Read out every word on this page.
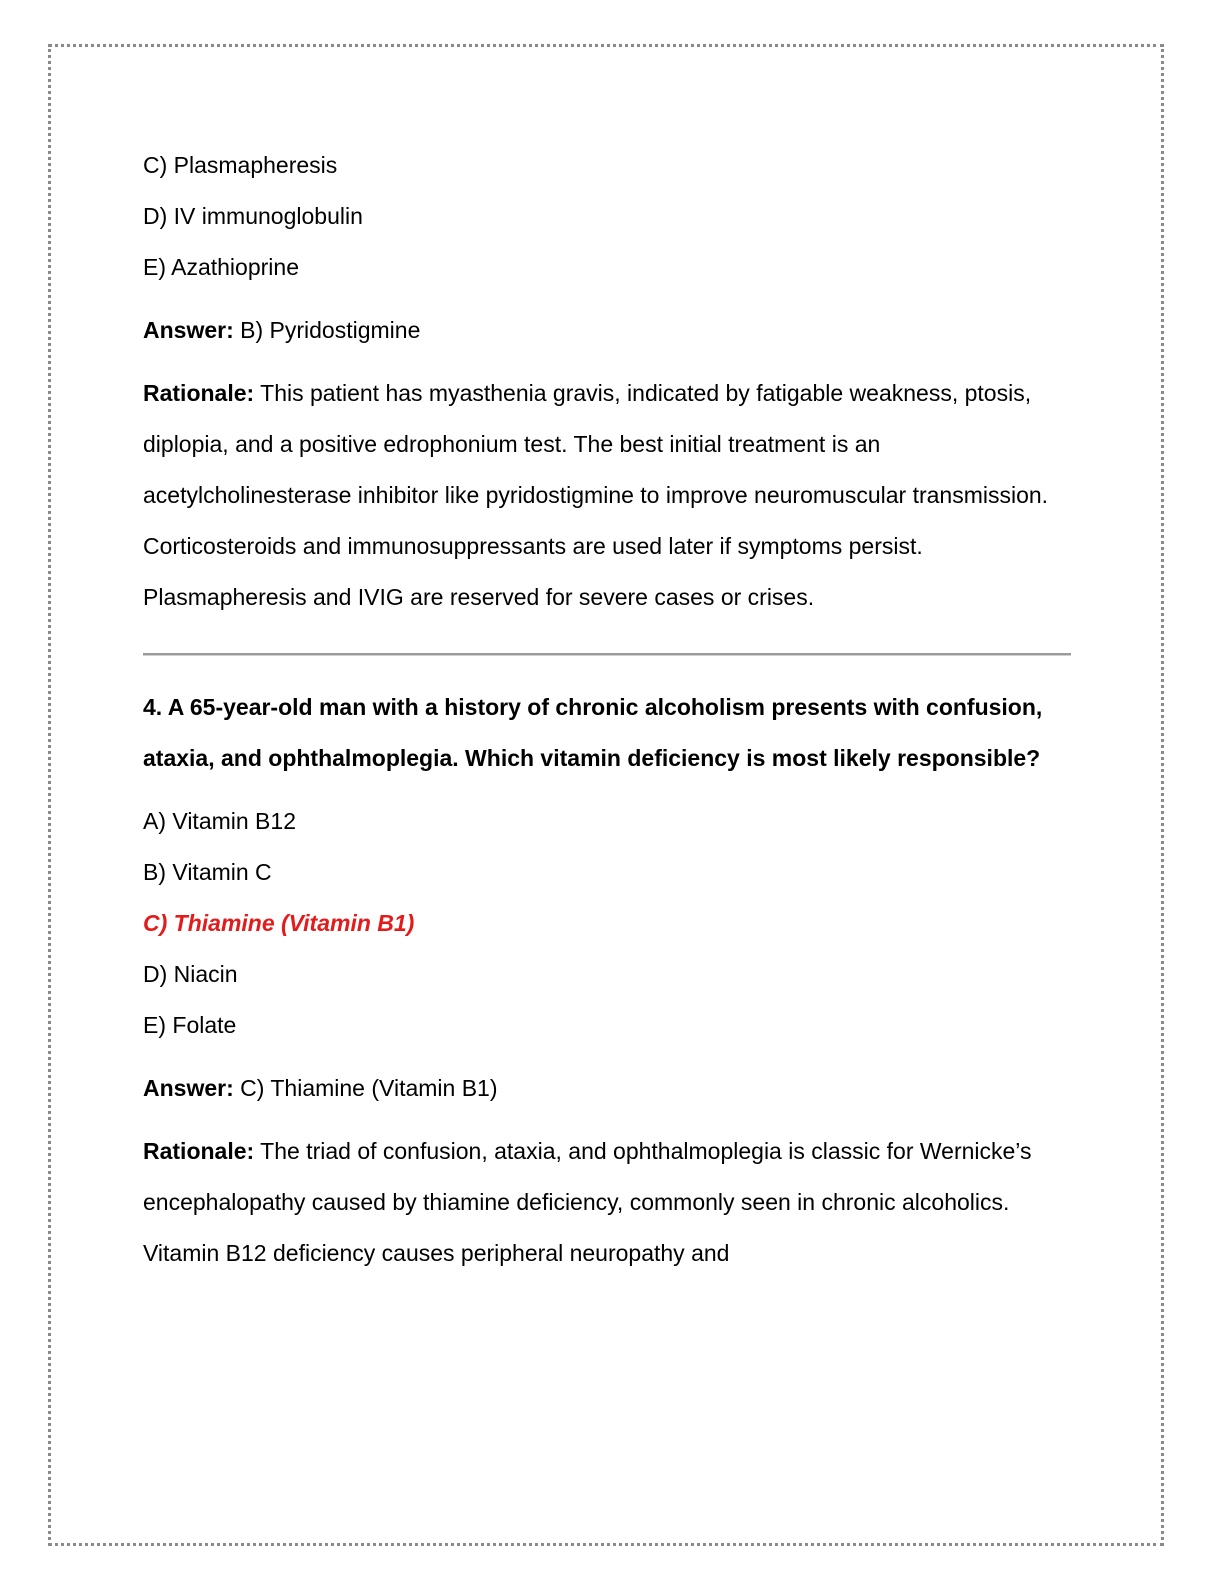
C) Plasmapheresis

D) IV immunoglobulin

E) Azathioprine

Answer: B) Pyridostigmine

Rationale: This patient has myasthenia gravis, indicated by fatigable weakness, ptosis, diplopia, and a positive edrophonium test. The best initial treatment is an acetylcholinesterase inhibitor like pyridostigmine to improve neuromuscular transmission. Corticosteroids and immunosuppressants are used later if symptoms persist. Plasmapheresis and IVIG are reserved for severe cases or crises.

4. A 65-year-old man with a history of chronic alcoholism presents with confusion, ataxia, and ophthalmoplegia. Which vitamin deficiency is most likely responsible?

A) Vitamin B12

B) Vitamin C

C) Thiamine (Vitamin B1)

D) Niacin

E) Folate

Answer: C) Thiamine (Vitamin B1)

Rationale: The triad of confusion, ataxia, and ophthalmoplegia is classic for Wernicke’s encephalopathy caused by thiamine deficiency, commonly seen in chronic alcoholics. Vitamin B12 deficiency causes peripheral neuropathy and
